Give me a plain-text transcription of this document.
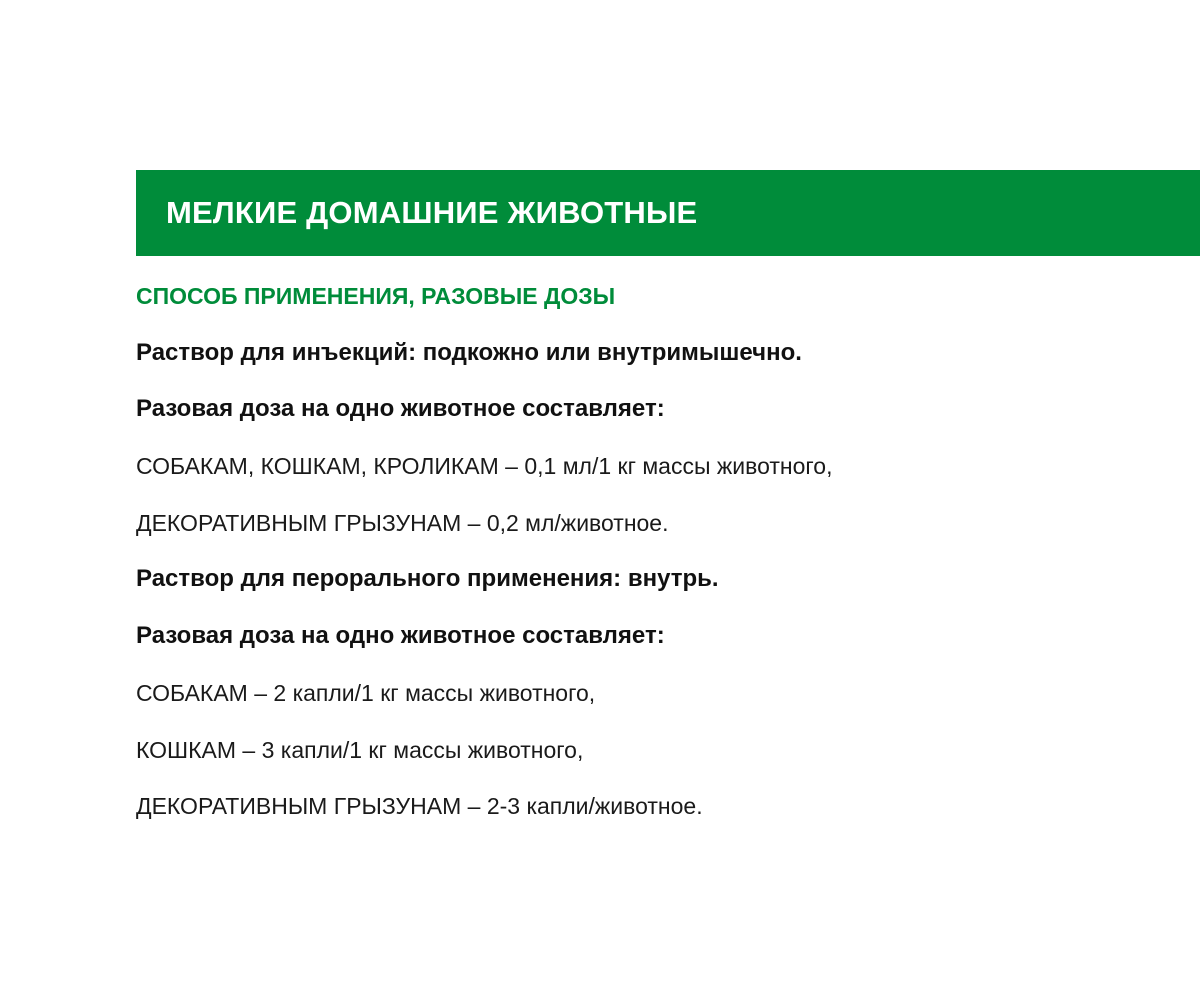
МЕЛКИЕ ДОМАШНИЕ ЖИВОТНЫЕ
СПОСОБ ПРИМЕНЕНИЯ, РАЗОВЫЕ ДОЗЫ
Раствор для инъекций: подкожно или внутримышечно.
Разовая доза на одно животное составляет:
СОБАКАМ, КОШКАМ, КРОЛИКАМ – 0,1 мл/1 кг массы животного,
ДЕКОРАТИВНЫМ ГРЫЗУНАМ – 0,2 мл/животное.
Раствор для перорального применения: внутрь.
Разовая доза на одно животное составляет:
СОБАКАМ – 2 капли/1 кг массы животного,
КОШКАМ – 3 капли/1 кг массы животного,
ДЕКОРАТИВНЫМ ГРЫЗУНАМ – 2-3 капли/животное.
